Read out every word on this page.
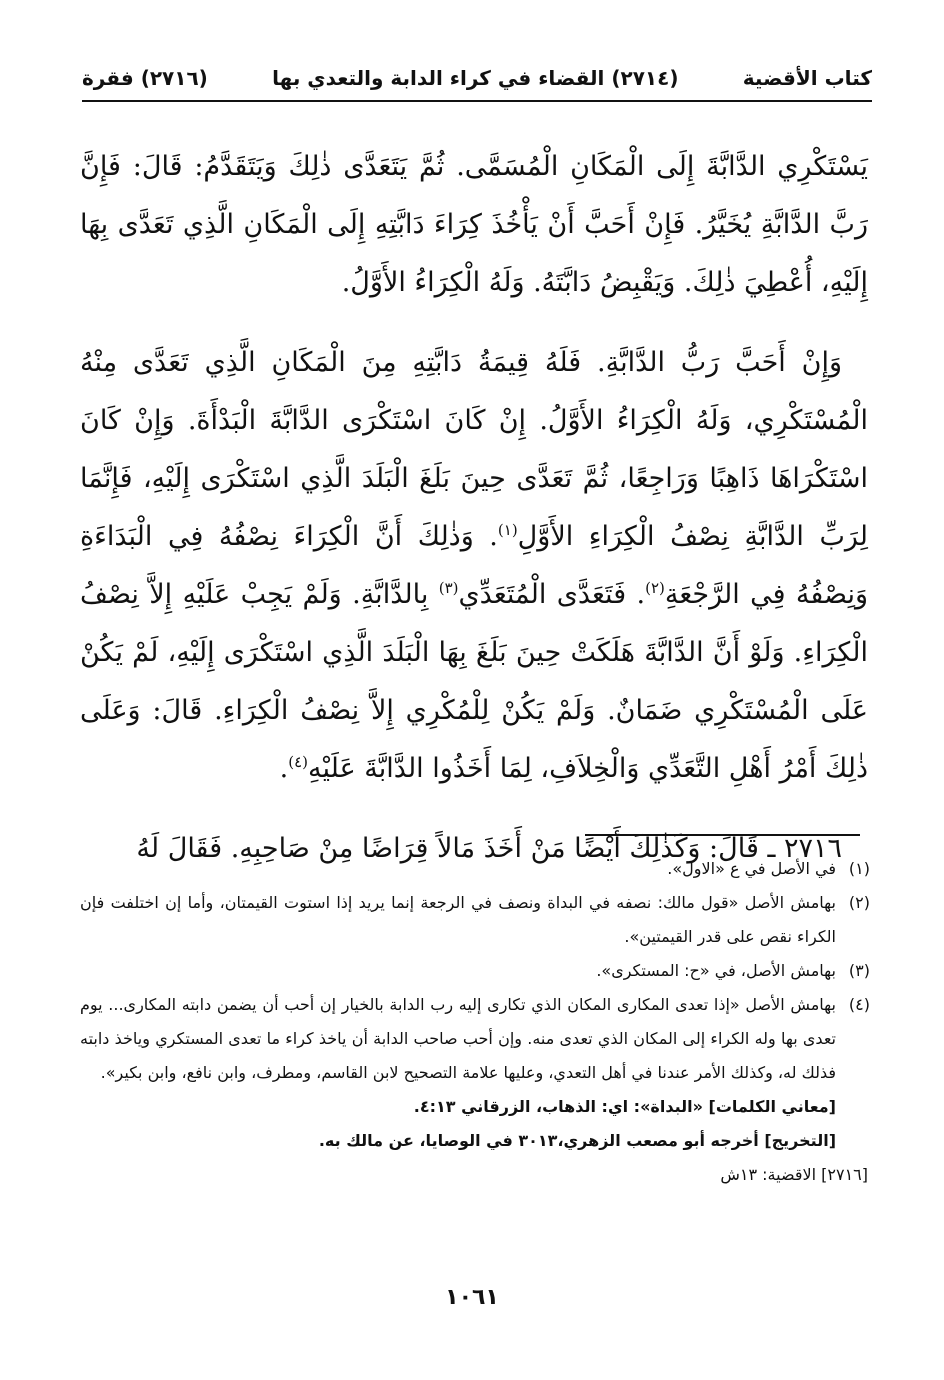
كتاب الأقضية
(٢٧١٤) القضاء في كراء الدابة والتعدي بها
(٢٧١٦) فقرة

يَسْتَكْرِي الدَّابَّةَ إِلَى الْمَكَانِ الْمُسَمَّى. ثُمَّ يَتَعَدَّى ذٰلِكَ وَيَتَقَدَّمُ: قَالَ: فَإِنَّ رَبَّ الدَّابَّةِ يُخَيَّرُ. فَإِنْ أَحَبَّ أَنْ يَأْخُذَ كِرَاءَ دَابَّتِهِ إِلَى الْمَكَانِ الَّذِي تَعَدَّى بِهَا إِلَيْهِ، أُعْطِيَ ذٰلِكَ. وَيَقْبِضُ دَابَّتَهُ. وَلَهُ الْكِرَاءُ الأَوَّلُ.

وَإِنْ أَحَبَّ رَبُّ الدَّابَّةِ. فَلَهُ قِيمَةُ دَابَّتِهِ مِنَ الْمَكَانِ الَّذِي تَعَدَّى مِنْهُ الْمُسْتَكْرِي، وَلَهُ الْكِرَاءُ الأَوَّلُ. إِنْ كَانَ اسْتَكْرَى الدَّابَّةَ الْبَدْأَةَ. وَإِنْ كَانَ اسْتَكْرَاهَا ذَاهِبًا وَرَاجِعًا، ثُمَّ تَعَدَّى حِينَ بَلَغَ الْبَلَدَ الَّذِي اسْتَكْرَى إِلَيْهِ، فَإِنَّمَا لِرَبِّ الدَّابَّةِ نِصْفُ الْكِرَاءِ الأَوَّلِ$^{(١)}$. وَذٰلِكَ أَنَّ الْكِرَاءَ نِصْفُهُ فِي الْبَدَاءَةِ وَنِصْفُهُ فِي الرَّجْعَةِ$^{(٢)}$. فَتَعَدَّى الْمُتَعَدِّي$^{(٣)}$ بِالدَّابَّةِ. وَلَمْ يَجِبْ عَلَيْهِ إِلاَّ نِصْفُ الْكِرَاءِ. وَلَوْ أَنَّ الدَّابَّةَ هَلَكَتْ حِينَ بَلَغَ بِهَا الْبَلَدَ الَّذِي اسْتَكْرَى إِلَيْهِ، لَمْ يَكُنْ عَلَى الْمُسْتَكْرِي ضَمَانٌ. وَلَمْ يَكُنْ لِلْمُكْرِي إِلاَّ نِصْفُ الْكِرَاءِ. قَالَ: وَعَلَى ذٰلِكَ أَمْرُ أَهْلِ التَّعَدِّي وَالْخِلاَفِ، لِمَا أَخَذُوا الدَّابَّةَ عَلَيْهِ$^{(٤)}$.

٢٧١٦ ـ قَالَ: وَكَذٰلِكَ أَيْضًا مَنْ أَخَذَ مَالاً قِرَاضًا مِنْ صَاحِبِهِ. فَقَالَ لَهُ

(١)
في الأصل في ع «الاول».
(٢)
بهامش الأصل «قول مالك: نصفه في البداة ونصف في الرجعة إنما يريد إذا استوت القيمتان، وأما إن اختلفت فإن الكراء نقص على قدر القيمتين».
(٣)
بهامش الأصل، في «ح: المستكرى».
(٤)
بهامش الأصل «إذا تعدى المكارى المكان الذي تكارى إليه رب الدابة بالخيار إن أحب أن يضمن دابته المكارى... يوم تعدى بها وله الكراء إلى المكان الذي تعدى منه. وإن أحب صاحب الدابة أن ياخذ كراء ما تعدى المستكري وياخذ دابته فذلك له، وكذلك الأمر عندنا في أهل التعدي، وعليها علامة التصحيح لابن القاسم، ومطرف، وابن نافع، وابن بكير».
[معاني الكلمات] «البداة»: اي: الذهاب، الزرقاني ٤:١٣.
[التخريج] أخرجه أبو مصعب الزهري،٣٠١٣ في الوصايا، عن مالك به.
[٢٧١٦] الاقضية: ١٣ش
١٠٦١
